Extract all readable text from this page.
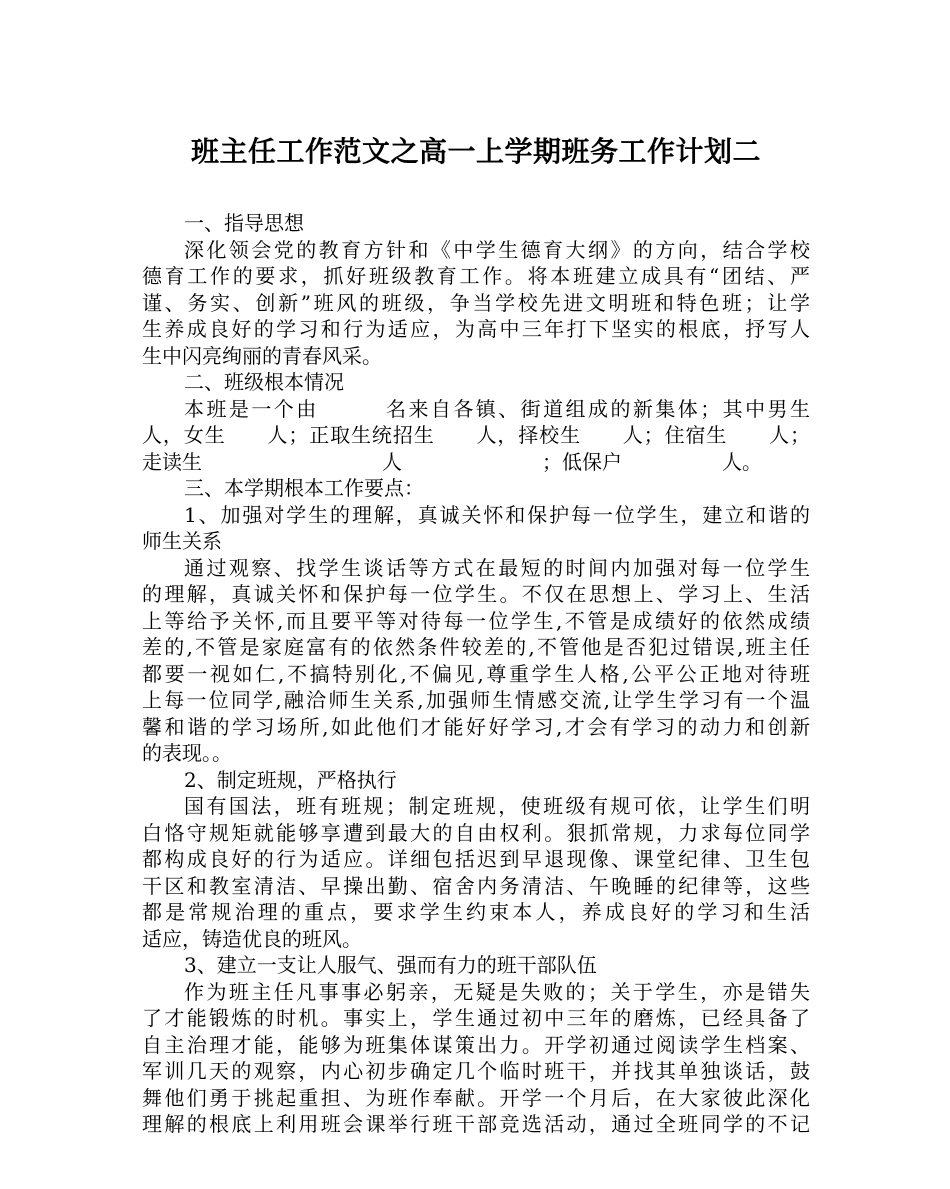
班主任工作范文之高一上学期班务工作计划二

一、指导思想

深化领会党的教育方针和《中学生德育大纲》的方向，结合学校

德育工作的要求，抓好班级教育工作。将本班建立成具有“团结、严

谨、务实、创新”班风的班级，争当学校先进文明班和特色班；让学

生养成良好的学习和行为适应，为高中三年打下坚实的根底，抒写人

生中闪亮绚丽的青春风采。

二、班级根本情况

本班是一个由　　　名来自各镇、街道组成的新集体；其中男生

人，女生　　人；正取生统招生　　人，择校生　　人；住宿生　　人；

走读生　　　　　　　　　人　　　　　　　；低保户　　　　　人。

三、本学期根本工作要点：

1、加强对学生的理解，真诚关怀和保护每一位学生，建立和谐的

师生关系

通过观察、找学生谈话等方式在最短的时间内加强对每一位学生

的理解，真诚关怀和保护每一位学生。不仅在思想上、学习上、生活

上等给予关怀,而且要平等对待每一位学生,不管是成绩好的依然成绩

差的,不管是家庭富有的依然条件较差的,不管他是否犯过错误,班主任

都要一视如仁,不搞特别化,不偏见,尊重学生人格,公平公正地对待班

上每一位同学,融洽师生关系,加强师生情感交流,让学生学习有一个温

馨和谐的学习场所,如此他们才能好好学习,才会有学习的动力和创新

的表现。。

2、制定班规，严格执行

国有国法，班有班规；制定班规，使班级有规可依，让学生们明

白恪守规矩就能够享遭到最大的自由权利。狠抓常规，力求每位同学

都构成良好的行为适应。详细包括迟到早退现像、课堂纪律、卫生包

干区和教室清洁、早操出勤、宿舍内务清洁、午晚睡的纪律等，这些

都是常规治理的重点，要求学生约束本人，养成良好的学习和生活

适应，铸造优良的班风。

3、建立一支让人服气、强而有力的班干部队伍

作为班主任凡事事必躬亲，无疑是失败的；关于学生，亦是错失

了才能锻炼的时机。事实上，学生通过初中三年的磨炼，已经具备了

自主治理才能，能够为班集体谋策出力。开学初通过阅读学生档案、

军训几天的观察，内心初步确定几个临时班干，并找其单独谈话，鼓

舞他们勇于挑起重担、为班作奉献。开学一个月后，在大家彼此深化

理解的根底上利用班会课举行班干部竞选活动，通过全班同学的不记
